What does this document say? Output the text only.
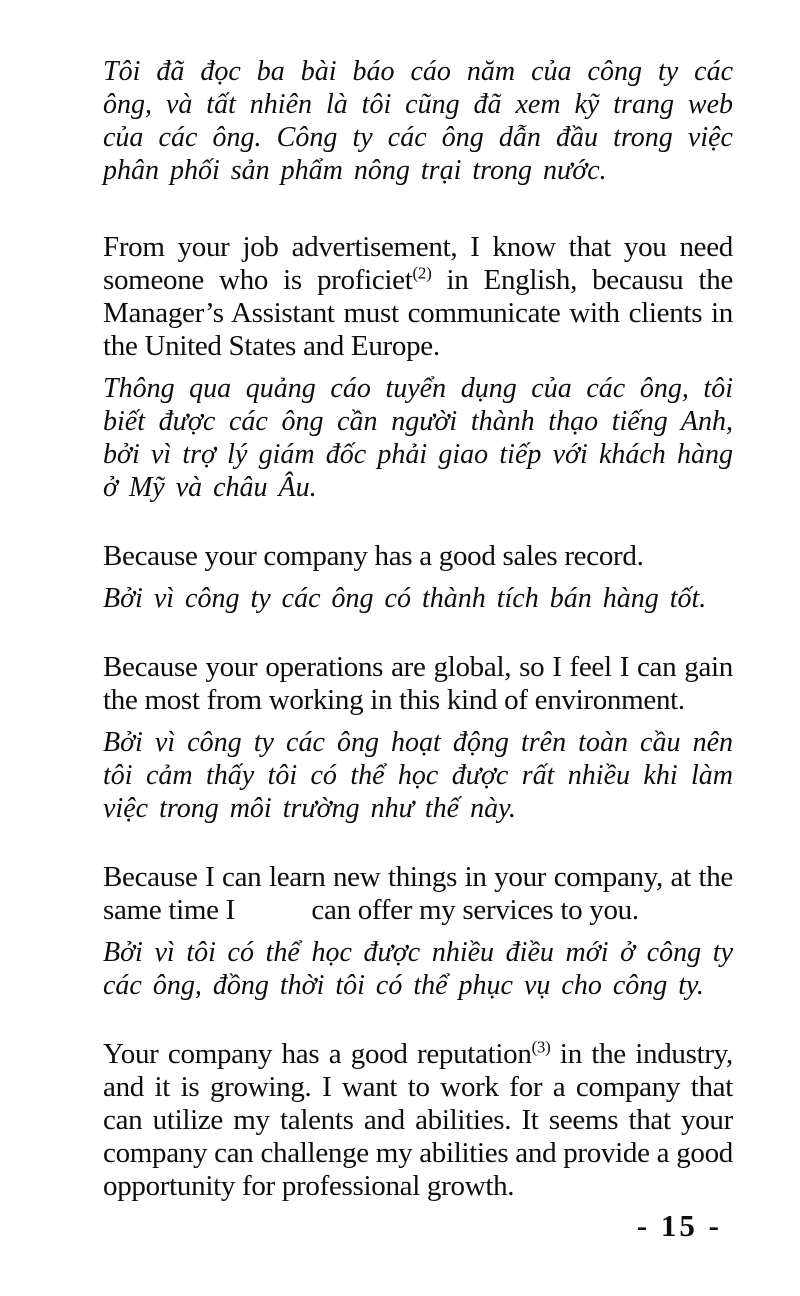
Tôi đã đọc ba bài báo cáo năm của công ty các ông, và tất nhiên là tôi cũng đã xem kỹ trang web của các ông. Công ty các ông dẫn đầu trong việc phân phối sản phẩm nông trại trong nước.

From your job advertisement, I know that you need someone who is proficiet$^{(2)}$ in English, becausu the Manager’s Assistant must communicate with clients in the United States and Europe.

Thông qua quảng cáo tuyển dụng của các ông, tôi biết được các ông cần người thành thạo tiếng Anh, bởi vì trợ lý giám đốc phải giao tiếp với khách hàng ở Mỹ và châu Âu.

Because your company has a good sales record.

Bởi vì công ty các ông có thành tích bán hàng tốt.

Because your operations are global, so I feel I can gain the most from working in this kind of environment.

Bởi vì công ty các ông hoạt động trên toàn cầu nên tôi cảm thấy tôi có thể học được rất nhiều khi làm việc trong môi trường như thế này.

Because I can learn new things in your company, at the same time I           can offer my services to you.

Bởi vì tôi có thể học được nhiều điều mới ở công ty các ông, đồng thời tôi có thể phục vụ cho công ty.

Your company has a good reputation$^{(3)}$ in the industry, and it is growing. I want to work for a company that can utilize my talents and abilities. It seems that your company can challenge my abilities and provide a good opportunity for professional growth.

- 15 -
